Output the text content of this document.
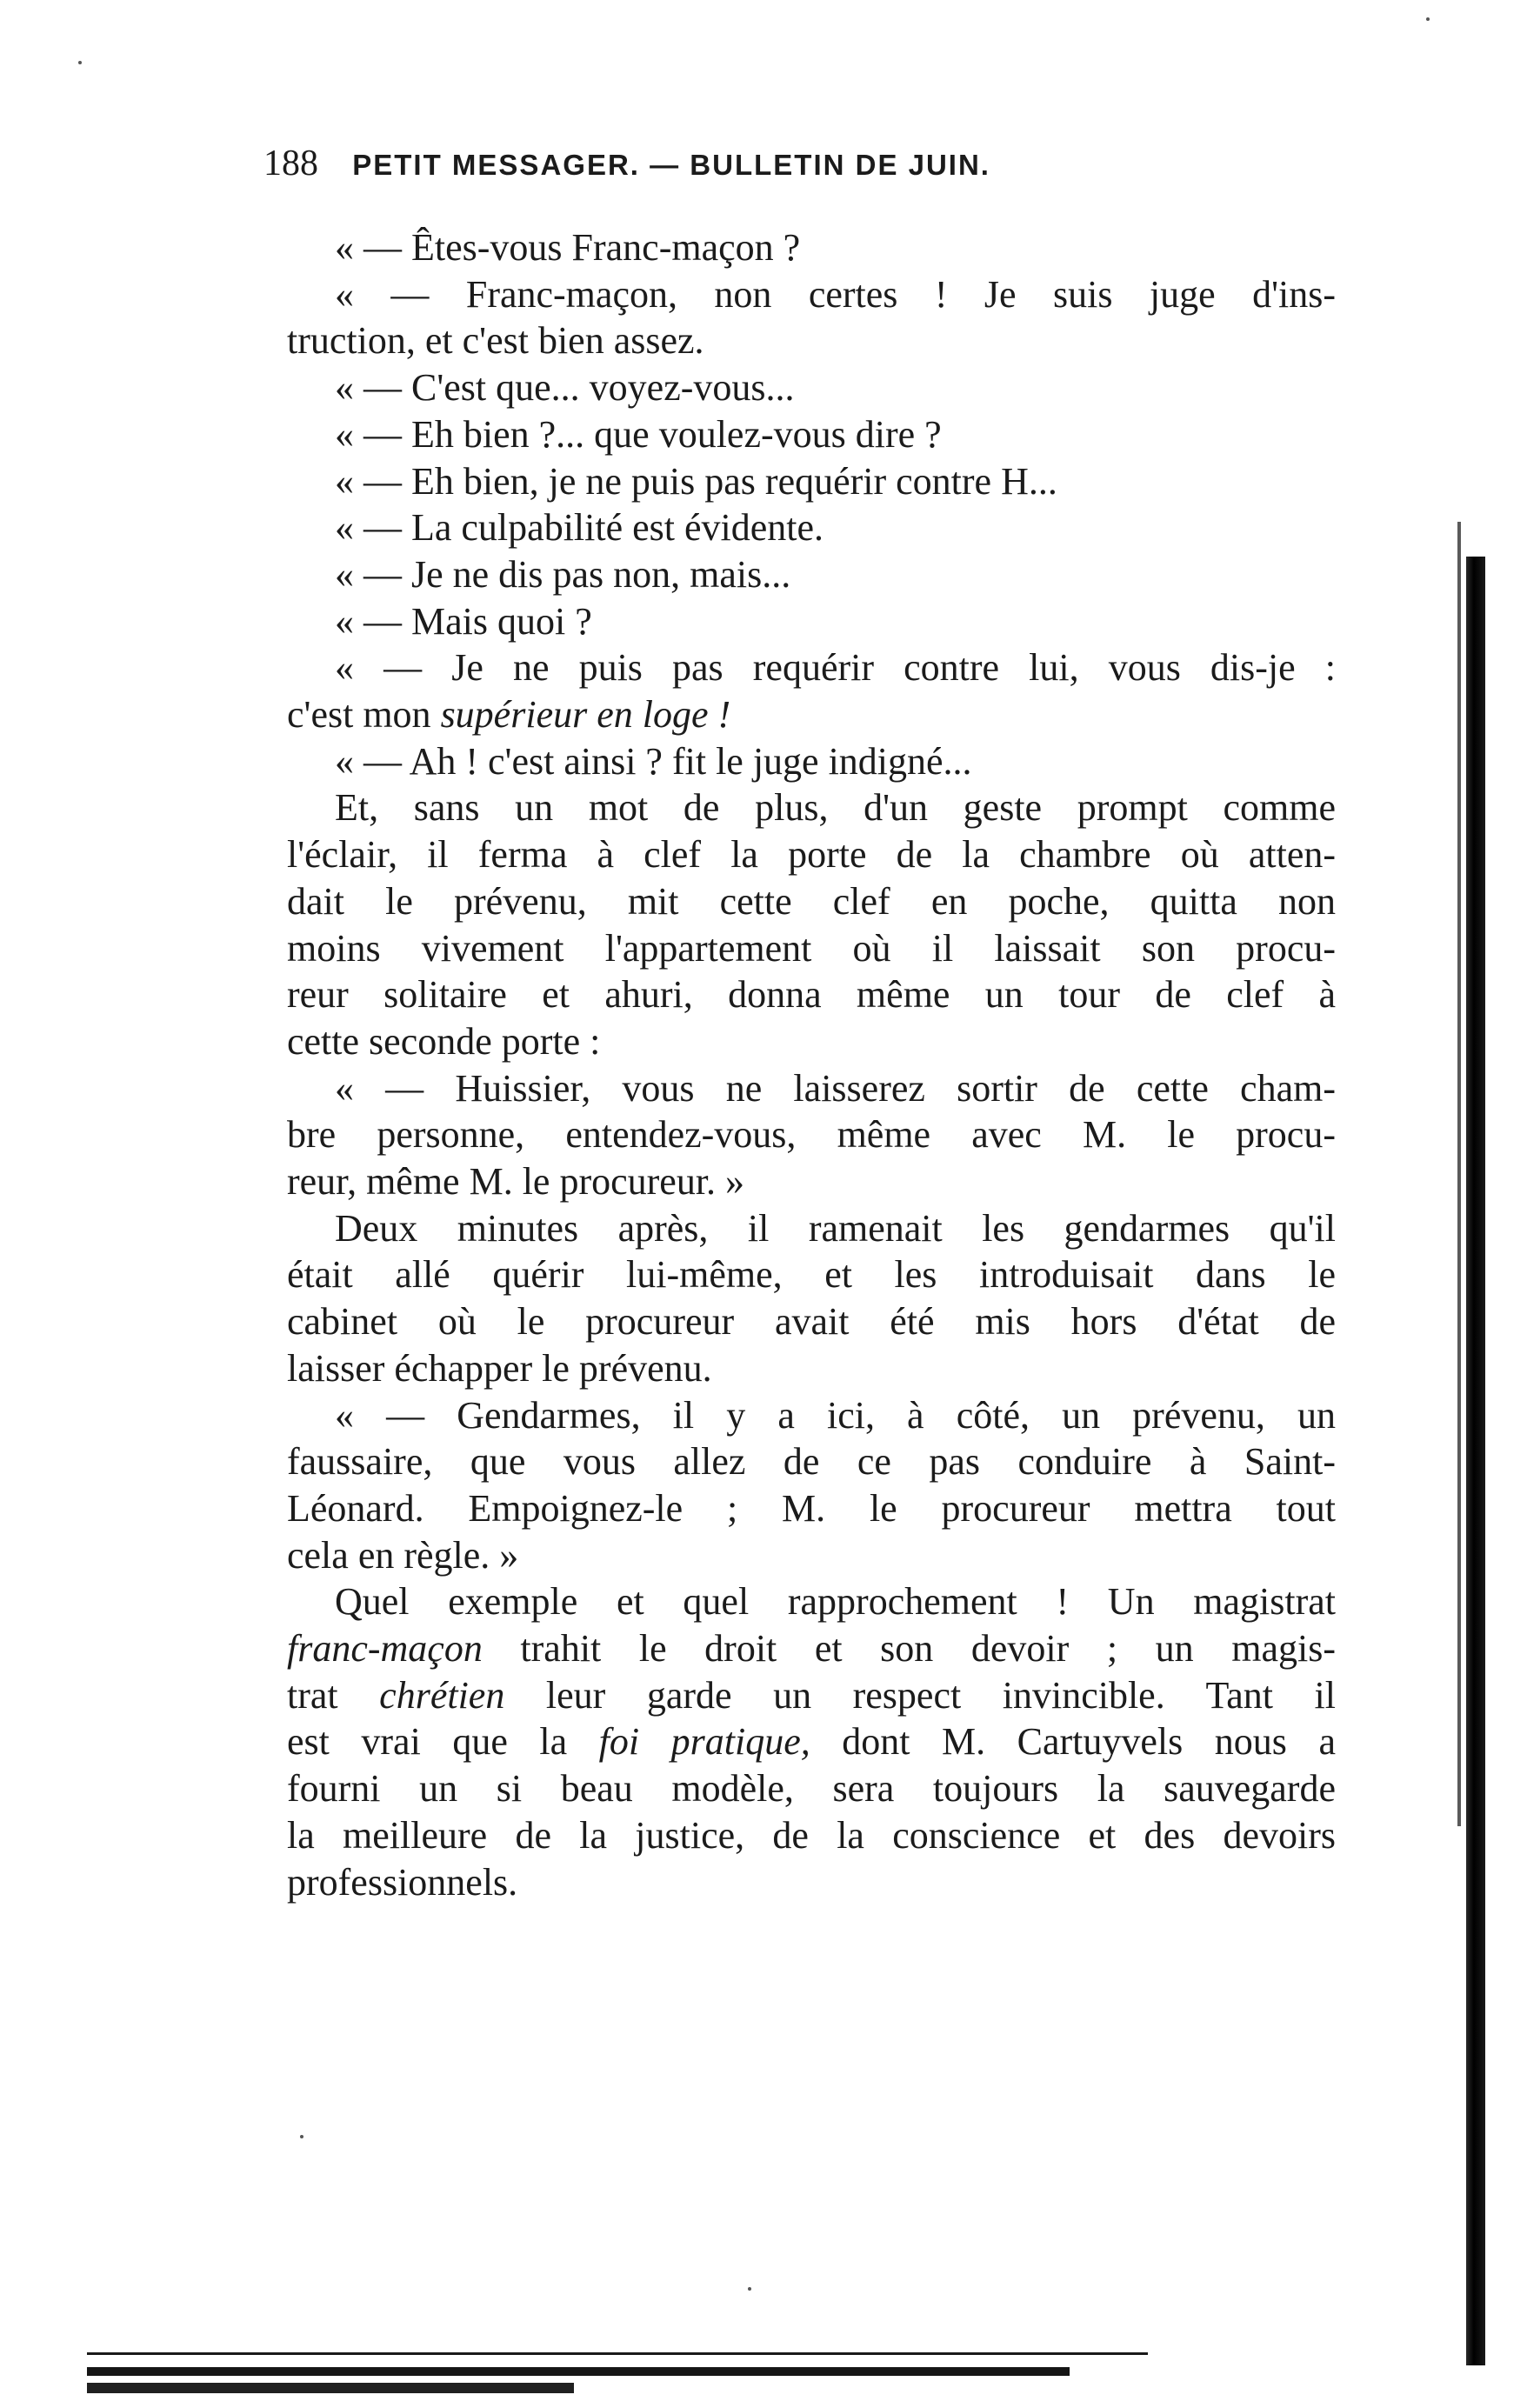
188 PETIT MESSAGER. — BULLETIN DE JUIN.
« — Êtes-vous Franc-maçon ?
« — Franc-maçon, non certes ! Je suis juge d'ins-
truction, et c'est bien assez.
« — C'est que... voyez-vous...
« — Eh bien ?... que voulez-vous dire ?
« — Eh bien, je ne puis pas requérir contre H...
« — La culpabilité est évidente.
« — Je ne dis pas non, mais...
« — Mais quoi ?
« — Je ne puis pas requérir contre lui, vous dis-je :
c'est mon supérieur en loge !
« — Ah ! c'est ainsi ? fit le juge indigné...
Et, sans un mot de plus, d'un geste prompt comme
l'éclair, il ferma à clef la porte de la chambre où atten-
dait le prévenu, mit cette clef en poche, quitta non
moins vivement l'appartement où il laissait son procu-
reur solitaire et ahuri, donna même un tour de clef à
cette seconde porte :
« — Huissier, vous ne laisserez sortir de cette cham-
bre personne, entendez-vous, même avec M. le procu-
reur, même M. le procureur. »
Deux minutes après, il ramenait les gendarmes qu'il
était allé quérir lui-même, et les introduisait dans le
cabinet où le procureur avait été mis hors d'état de
laisser échapper le prévenu.
« — Gendarmes, il y a ici, à côté, un prévenu, un
faussaire, que vous allez de ce pas conduire à Saint-
Léonard. Empoignez-le ; M. le procureur mettra tout
cela en règle. »
Quel exemple et quel rapprochement ! Un magistrat
franc-maçon trahit le droit et son devoir ; un magis-
trat chrétien leur garde un respect invincible. Tant il
est vrai que la foi pratique, dont M. Cartuyvels nous a
fourni un si beau modèle, sera toujours la sauvegarde
la meilleure de la justice, de la conscience et des devoirs
professionnels.
